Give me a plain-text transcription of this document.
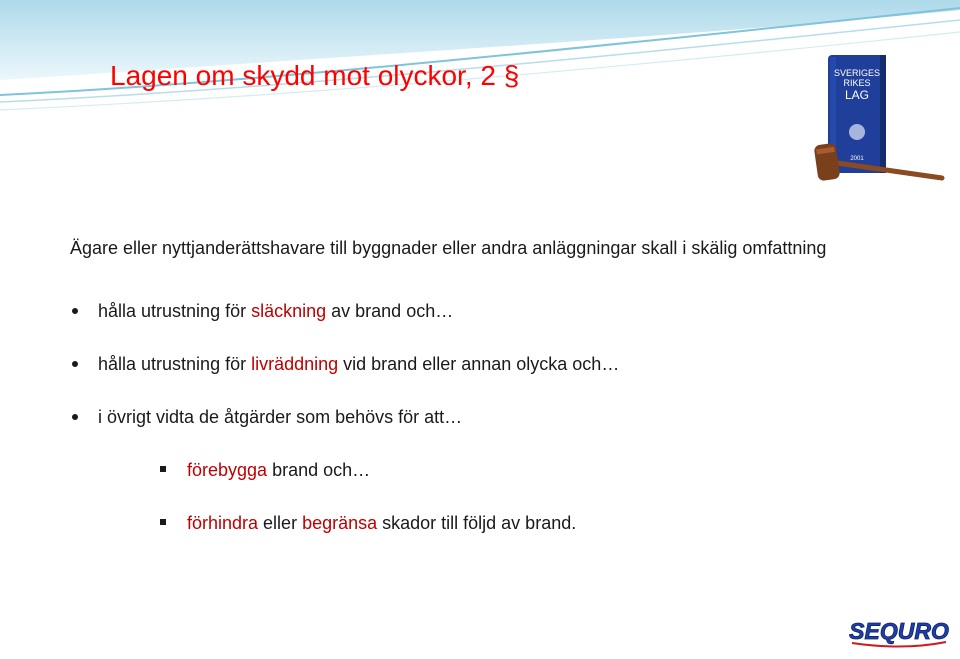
Lagen om skydd mot olyckor, 2 §	SVERIGES
RIKES
LAG
2001

Ägare eller nyttjanderättshavare till byggnader eller andra anläggningar skall i skälig omfattning

hålla utrustning för släckning av brand och…
hålla utrustning för livräddning vid brand eller annan olycka och…
i övrigt vidta de åtgärder som behövs för att…
förebygga brand och…
förhindra eller begränsa skador till följd av brand.
SEQURO
